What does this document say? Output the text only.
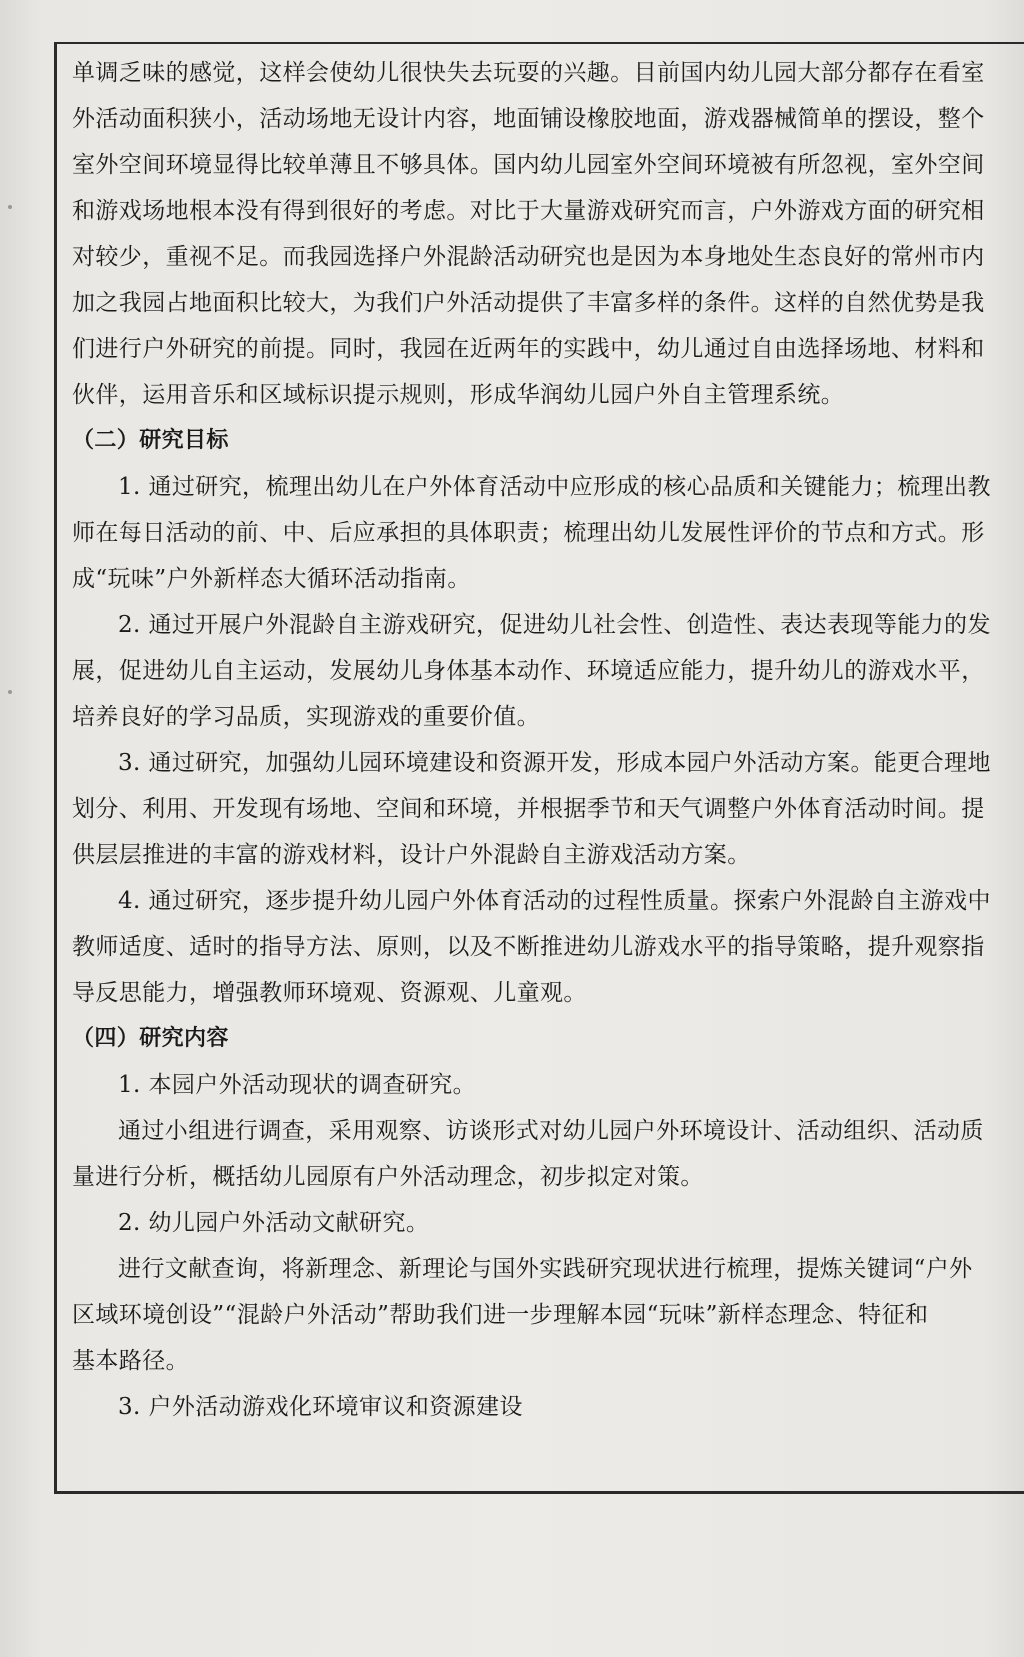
单调乏味的感觉，这样会使幼儿很快失去玩耍的兴趣。目前国内幼儿园大部分都存在看室
外活动面积狭小，活动场地无设计内容，地面铺设橡胶地面，游戏器械简单的摆设，整个
室外空间环境显得比较单薄且不够具体。国内幼儿园室外空间环境被有所忽视，室外空间
和游戏场地根本没有得到很好的考虑。对比于大量游戏研究而言，户外游戏方面的研究相
对较少，重视不足。而我园选择户外混龄活动研究也是因为本身地处生态良好的常州市内
加之我园占地面积比较大，为我们户外活动提供了丰富多样的条件。这样的自然优势是我
们进行户外研究的前提。同时，我园在近两年的实践中，幼儿通过自由选择场地、材料和
伙伴，运用音乐和区域标识提示规则，形成华润幼儿园户外自主管理系统。
（二）研究目标
1. 通过研究，梳理出幼儿在户外体育活动中应形成的核心品质和关键能力；梳理出教
师在每日活动的前、中、后应承担的具体职责；梳理出幼儿发展性评价的节点和方式。形
成“玩味”户外新样态大循环活动指南。
2. 通过开展户外混龄自主游戏研究，促进幼儿社会性、创造性、表达表现等能力的发
展，促进幼儿自主运动，发展幼儿身体基本动作、环境适应能力，提升幼儿的游戏水平，
培养良好的学习品质，实现游戏的重要价值。
3. 通过研究，加强幼儿园环境建设和资源开发，形成本园户外活动方案。能更合理地
划分、利用、开发现有场地、空间和环境，并根据季节和天气调整户外体育活动时间。提
供层层推进的丰富的游戏材料，设计户外混龄自主游戏活动方案。
4. 通过研究，逐步提升幼儿园户外体育活动的过程性质量。探索户外混龄自主游戏中
教师适度、适时的指导方法、原则，以及不断推进幼儿游戏水平的指导策略，提升观察指
导反思能力，增强教师环境观、资源观、儿童观。
（四）研究内容
1. 本园户外活动现状的调查研究。
通过小组进行调查，采用观察、访谈形式对幼儿园户外环境设计、活动组织、活动质
量进行分析，概括幼儿园原有户外活动理念，初步拟定对策。
2. 幼儿园户外活动文献研究。
进行文献查询，将新理念、新理论与国外实践研究现状进行梳理，提炼关键词“户外
区域环境创设”“混龄户外活动”帮助我们进一步理解本园“玩味”新样态理念、特征和
基本路径。
3. 户外活动游戏化环境审议和资源建设
